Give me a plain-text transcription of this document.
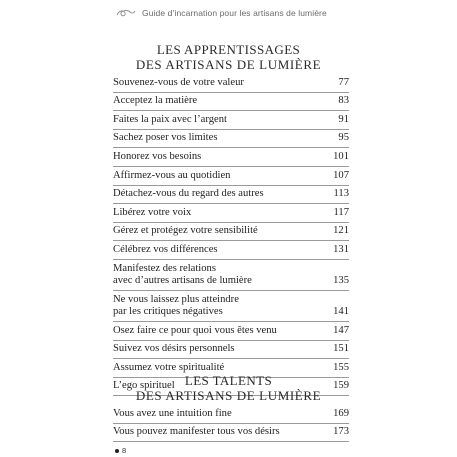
Guide d’incarnation pour les artisans de lumière
LES APPRENTISSAGES
DES ARTISANS DE LUMIÈRE
Souvenez-vous de votre valeur	77
Acceptez la matière	83
Faites la paix avec l’argent	91
Sachez poser vos limites	95
Honorez vos besoins	101
Affirmez-vous au quotidien	107
Détachez-vous du regard des autres	113
Libérez votre voix	117
Gérez et protégez votre sensibilité	121
Célébrez vos différences	131
Manifestez des relations
avec d’autres artisans de lumière	135
Ne vous laissez plus atteindre
par les critiques négatives	141
Osez faire ce pour quoi vous êtes venu	147
Suivez vos désirs personnels	151
Assumez votre spiritualité	155
L’ego spirituel	159
LES TALENTS
DES ARTISANS DE LUMIÈRE
Vous avez une intuition fine	169
Vous pouvez manifester tous vos désirs	173
8
